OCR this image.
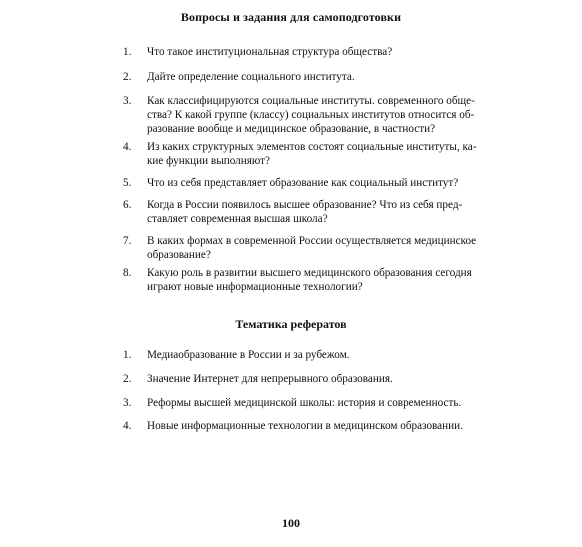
Вопросы и задания для самоподготовки
1.	Что такое институциональная структура общества?
2.	Дайте определение социального института.
3.	Как классифицируются социальные институты. современного обще-
ства? К какой группе (классу) социальных институтов относится об-
разование вообще и медицинское образование, в частности?
4.	Из каких структурных элементов состоят социальные институты, ка-
кие функции выполняют?
5.	Что из себя представляет образование как социальный институт?
6.	Когда в России появилось высшее образование? Что из себя пред-
ставляет современная высшая школа?
7.	В каких формах в современной России осуществляется медицинское
образование?
8.	Какую роль в развитии высшего медицинского образования сегодня
играют новые информационные технологии?
Тематика рефератов
1.	Медиаобразование в России и за рубежом.
2.	Значение Интернет для непрерывного образования.
3.	Реформы высшей медицинской школы: история и современность.
4.	Новые информационные технологии в медицинском образовании.
100
